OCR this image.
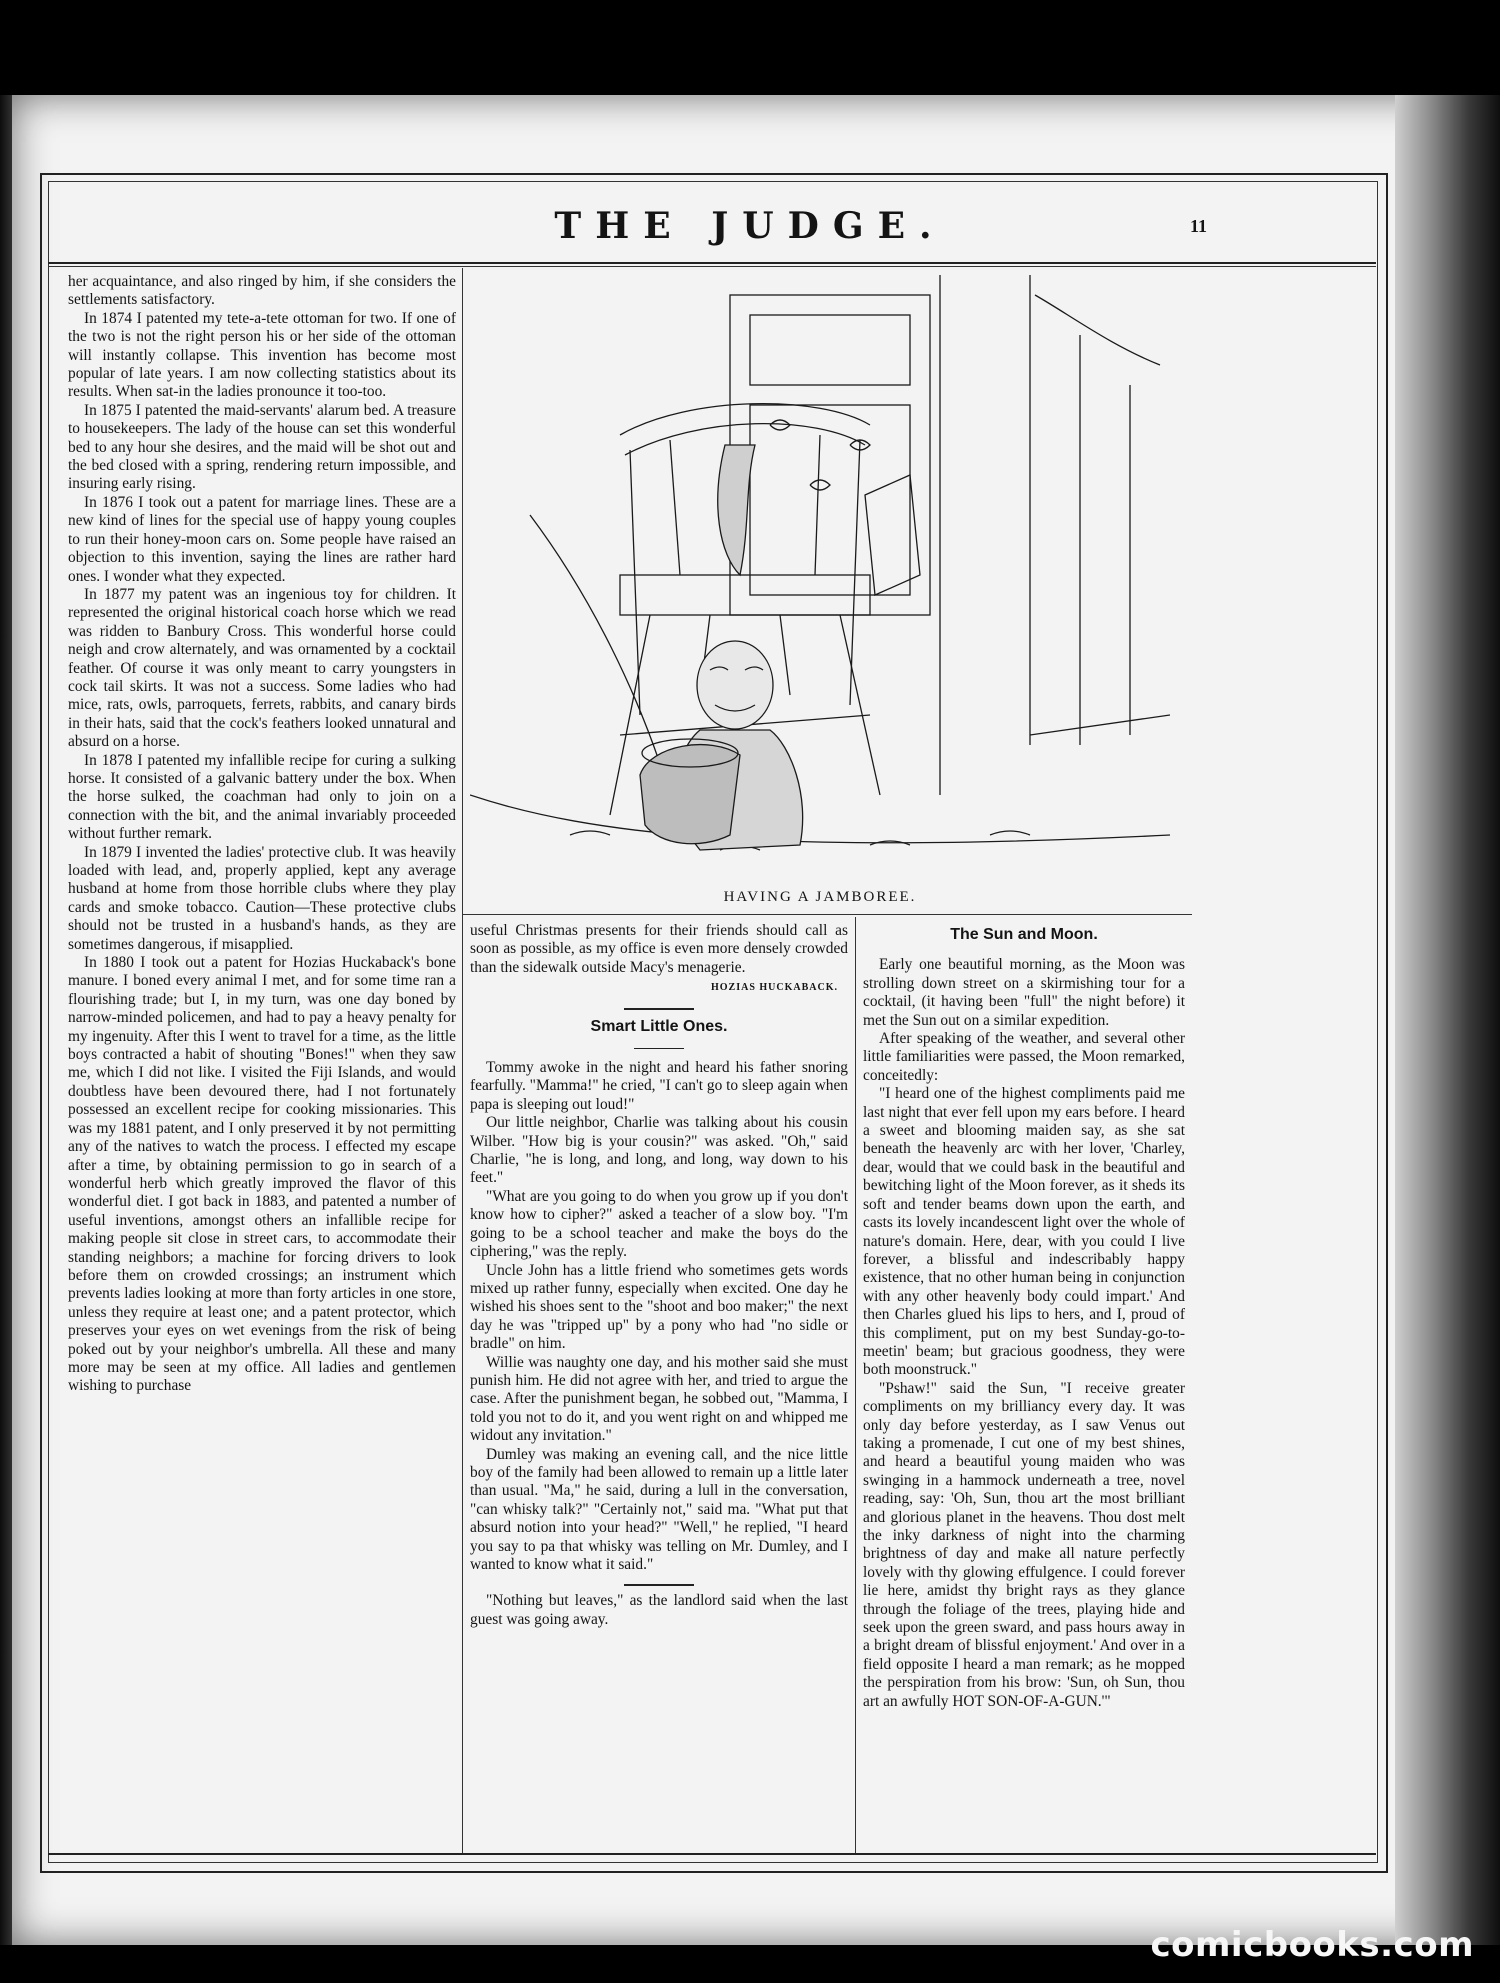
THE JUDGE.	11
HAVING A JAMBOREE.

her acquaintance, and also ringed by him, if she considers the settlements satisfactory.

In 1874 I patented my tete-a-tete ottoman for two. If one of the two is not the right person his or her side of the ottoman will instantly collapse. This invention has become most popular of late years. I am now collecting statistics about its results. When sat-in the ladies pronounce it too-too.

In 1875 I patented the maid-servants' alarum bed. A treasure to housekeepers. The lady of the house can set this wonderful bed to any hour she desires, and the maid will be shot out and the bed closed with a spring, rendering return impossible, and insuring early rising.

In 1876 I took out a patent for marriage lines. These are a new kind of lines for the special use of happy young couples to run their honey-moon cars on. Some people have raised an objection to this invention, saying the lines are rather hard ones. I wonder what they expected.

In 1877 my patent was an ingenious toy for children. It represented the original historical coach horse which we read was ridden to Banbury Cross. This wonderful horse could neigh and crow alternately, and was ornamented by a cocktail feather. Of course it was only meant to carry youngsters in cock tail skirts. It was not a success. Some ladies who had mice, rats, owls, parroquets, ferrets, rabbits, and canary birds in their hats, said that the cock's feathers looked unnatural and absurd on a horse.

In 1878 I patented my infallible recipe for curing a sulking horse. It consisted of a galvanic battery under the box. When the horse sulked, the coachman had only to join on a connection with the bit, and the animal invariably proceeded without further remark.

In 1879 I invented the ladies' protective club. It was heavily loaded with lead, and, properly applied, kept any average husband at home from those horrible clubs where they play cards and smoke tobacco. Caution—These protective clubs should not be trusted in a husband's hands, as they are sometimes dangerous, if misapplied.

In 1880 I took out a patent for Hozias Huckaback's bone manure. I boned every animal I met, and for some time ran a flourishing trade; but I, in my turn, was one day boned by narrow-minded policemen, and had to pay a heavy penalty for my ingenuity. After this I went to travel for a time, as the little boys contracted a habit of shouting "Bones!" when they saw me, which I did not like. I visited the Fiji Islands, and would doubtless have been devoured there, had I not fortunately possessed an excellent recipe for cooking missionaries. This was my 1881 patent, and I only preserved it by not permitting any of the natives to watch the process. I effected my escape after a time, by obtaining permission to go in search of a wonderful herb which greatly improved the flavor of this wonderful diet. I got back in 1883, and patented a number of useful inventions, amongst others an infallible recipe for making people sit close in street cars, to accommodate their standing neighbors; a machine for forcing drivers to look before them on crowded crossings; an instrument which prevents ladies looking at more than forty articles in one store, unless they require at least one; and a patent protector, which preserves your eyes on wet evenings from the risk of being poked out by your neighbor's umbrella. All these and many more may be seen at my office. All ladies and gentlemen wishing to purchase

useful Christmas presents for their friends should call as soon as possible, as my office is even more densely crowded than the sidewalk outside Macy's menagerie.

HOZIAS HUCKABACK.
Smart Little Ones.

Tommy awoke in the night and heard his father snoring fearfully. "Mamma!" he cried, "I can't go to sleep again when papa is sleeping out loud!"

Our little neighbor, Charlie was talking about his cousin Wilber. "How big is your cousin?" was asked. "Oh," said Charlie, "he is long, and long, and long, way down to his feet."

"What are you going to do when you grow up if you don't know how to cipher?" asked a teacher of a slow boy. "I'm going to be a school teacher and make the boys do the ciphering," was the reply.

Uncle John has a little friend who sometimes gets words mixed up rather funny, especially when excited. One day he wished his shoes sent to the "shoot and boo maker;" the next day he was "tripped up" by a pony who had "no sidle or bradle" on him.

Willie was naughty one day, and his mother said she must punish him. He did not agree with her, and tried to argue the case. After the punishment began, he sobbed out, "Mamma, I told you not to do it, and you went right on and whipped me widout any invitation."

Dumley was making an evening call, and the nice little boy of the family had been allowed to remain up a little later than usual. "Ma," he said, during a lull in the conversation, "can whisky talk?" "Certainly not," said ma. "What put that absurd notion into your head?" "Well," he replied, "I heard you say to pa that whisky was telling on Mr. Dumley, and I wanted to know what it said."

"Nothing but leaves," as the landlord said when the last guest was going away.

The Sun and Moon.

Early one beautiful morning, as the Moon was strolling down street on a skirmishing tour for a cocktail, (it having been "full" the night before) it met the Sun out on a similar expedition.

After speaking of the weather, and several other little familiarities were passed, the Moon remarked, conceitedly:

"I heard one of the highest compliments paid me last night that ever fell upon my ears before. I heard a sweet and blooming maiden say, as she sat beneath the heavenly arc with her lover, 'Charley, dear, would that we could bask in the beautiful and bewitching light of the Moon forever, as it sheds its soft and tender beams down upon the earth, and casts its lovely incandescent light over the whole of nature's domain. Here, dear, with you could I live forever, a blissful and indescribably happy existence, that no other human being in conjunction with any other heavenly body could impart.' And then Charles glued his lips to hers, and I, proud of this compliment, put on my best Sunday-go-to-meetin' beam; but gracious goodness, they were both moonstruck."

"Pshaw!" said the Sun, "I receive greater compliments on my brilliancy every day. It was only day before yesterday, as I saw Venus out taking a promenade, I cut one of my best shines, and heard a beautiful young maiden who was swinging in a hammock underneath a tree, novel reading, say: 'Oh, Sun, thou art the most brilliant and glorious planet in the heavens. Thou dost melt the inky darkness of night into the charming brightness of day and make all nature perfectly lovely with thy glowing effulgence. I could forever lie here, amidst thy bright rays as they glance through the foliage of the trees, playing hide and seek upon the green sward, and pass hours away in a bright dream of blissful enjoyment.' And over in a field opposite I heard a man remark; as he mopped the perspiration from his brow: 'Sun, oh Sun, thou art an awfully HOT SON-OF-A-GUN.'"

comicbooks.com
